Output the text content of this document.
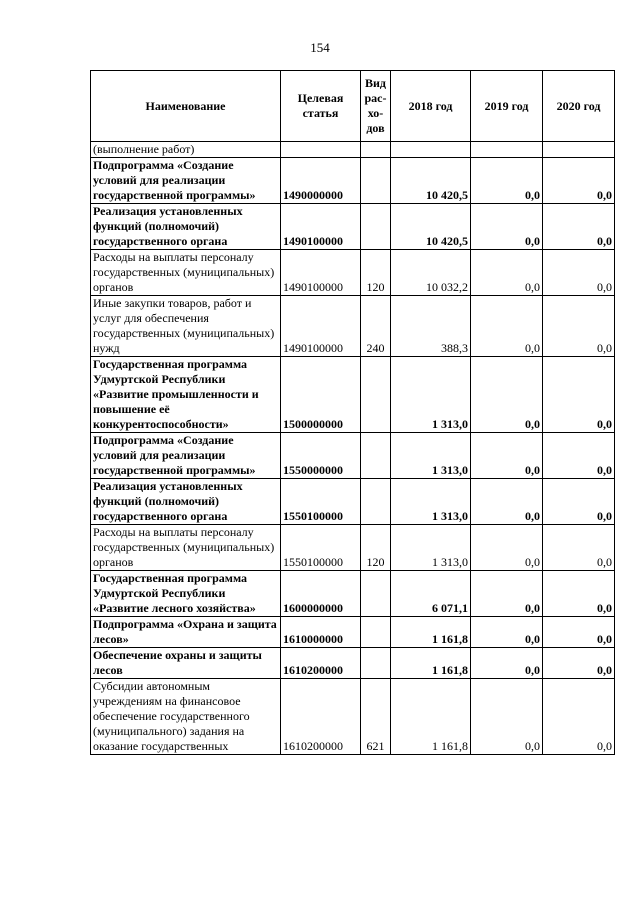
154
Наименование	Целевая статья	Вид рас-хо-дов	2018 год	2019 год	2020 год
(выполнение работ)					
Подпрограмма «Создание условий для реализации государственной программы»	1490000000		10 420,5	0,0	0,0
Реализация установленных функций (полномочий) государственного органа	1490100000		10 420,5	0,0	0,0
Расходы на выплаты персоналу государственных (муниципальных) органов	1490100000	120	10 032,2	0,0	0,0
Иные закупки товаров, работ и услуг для обеспечения государственных (муниципальных) нужд	1490100000	240	388,3	0,0	0,0
Государственная программа Удмуртской Республики «Развитие промышленности и повышение её конкурентоспособности»	1500000000		1 313,0	0,0	0,0
Подпрограмма «Создание условий для реализации государственной программы»	1550000000		1 313,0	0,0	0,0
Реализация установленных функций (полномочий) государственного органа	1550100000		1 313,0	0,0	0,0
Расходы на выплаты персоналу государственных (муниципальных) органов	1550100000	120	1 313,0	0,0	0,0
Государственная программа Удмуртской Республики «Развитие лесного хозяйства»	1600000000		6 071,1	0,0	0,0
Подпрограмма «Охрана и защита лесов»	1610000000		1 161,8	0,0	0,0
Обеспечение охраны и защиты лесов	1610200000		1 161,8	0,0	0,0
Субсидии автономным учреждениям на финансовое обеспечение государственного (муниципального) задания на оказание государственных	1610200000	621	1 161,8	0,0	0,0
